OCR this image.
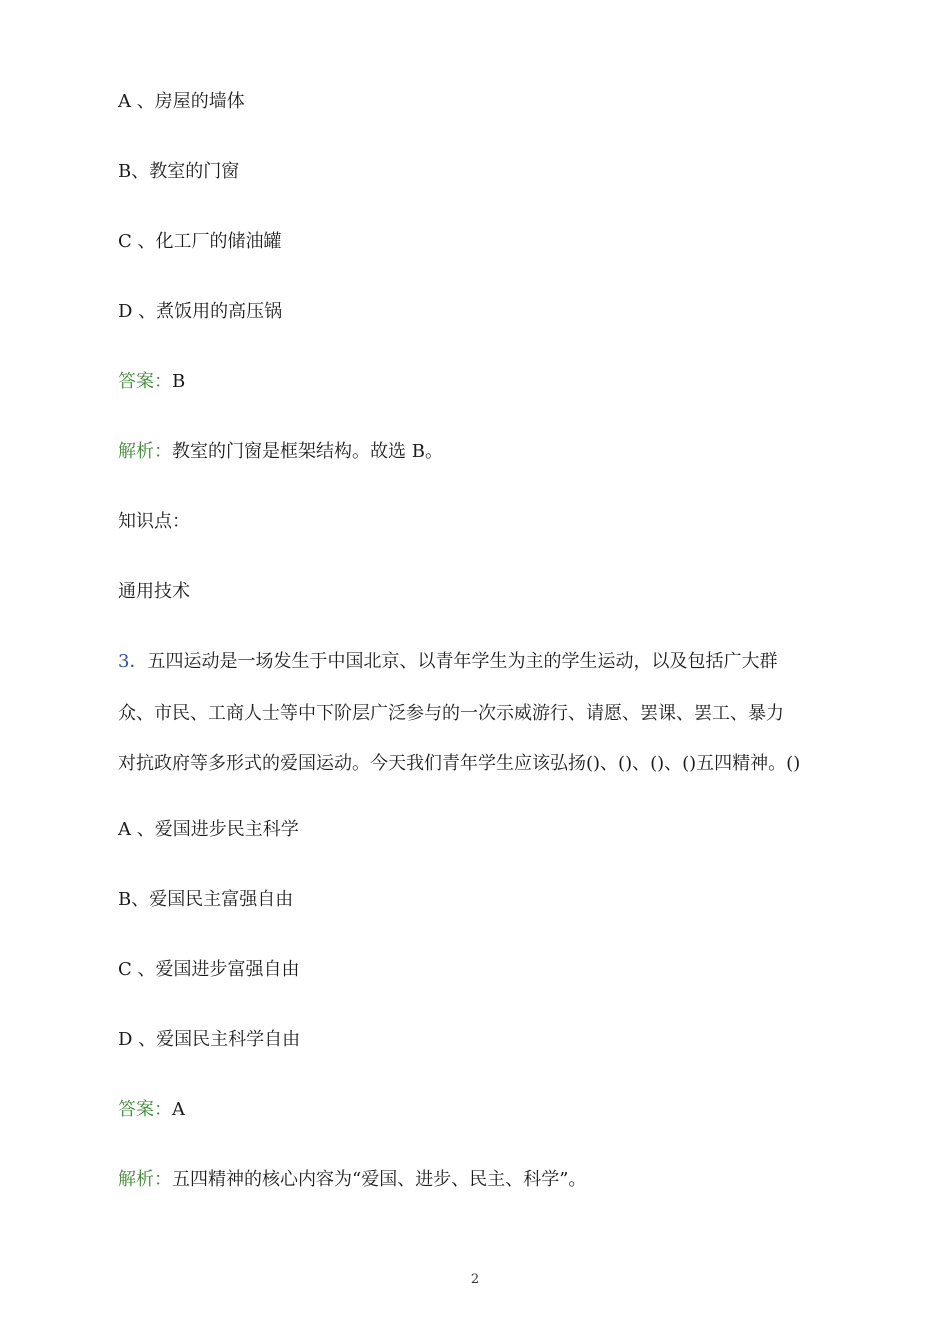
A 、房屋的墙体
B、教室的门窗
C 、化工厂的储油罐
D 、煮饭用的高压锅
答案：B
解析：教室的门窗是框架结构。故选 B。
知识点：
通用技术
3．五四运动是一场发生于中国北京、以青年学生为主的学生运动，以及包括广大群
众、市民、工商人士等中下阶层广泛参与的一次示威游行、请愿、罢课、罢工、暴力
对抗政府等多形式的爱国运动。今天我们青年学生应该弘扬()、()、()、()五四精神。()
A 、爱国进步民主科学
B、爱国民主富强自由
C 、爱国进步富强自由
D 、爱国民主科学自由
答案：A
解析：五四精神的核心内容为“爱国、进步、民主、科学”。
2
